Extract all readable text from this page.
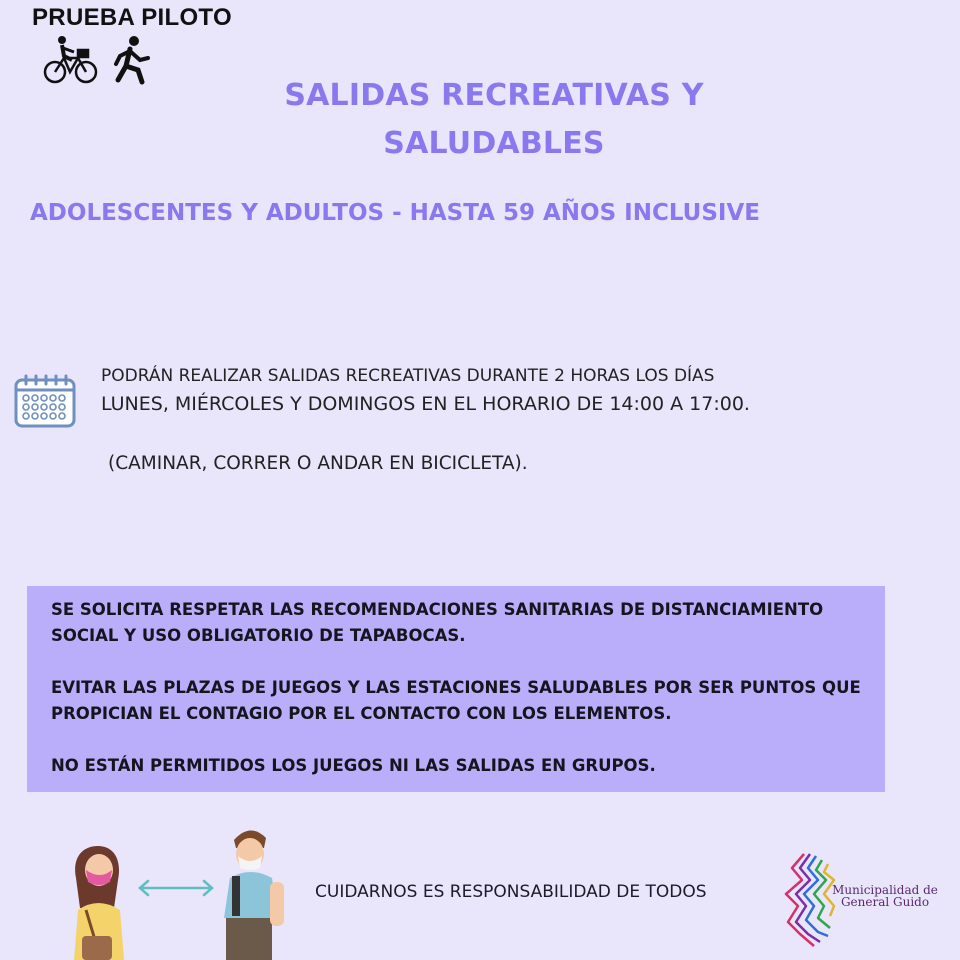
PRUEBA PILOTO
SALIDAS RECREATIVAS Y
SALUDABLES
ADOLESCENTES Y ADULTOS - HASTA 59 AÑOS INCLUSIVE
PODRÁN REALIZAR SALIDAS RECREATIVAS DURANTE 2 HORAS LOS DÍAS
LUNES, MIÉRCOLES Y DOMINGOS EN EL HORARIO DE 14:00 A 17:00.
(CAMINAR, CORRER O ANDAR EN BICICLETA).

SE SOLICITA RESPETAR LAS RECOMENDACIONES SANITARIAS DE DISTANCIAMIENTO
SOCIAL Y USO OBLIGATORIO DE TAPABOCAS.

EVITAR LAS PLAZAS DE JUEGOS Y LAS ESTACIONES SALUDABLES POR SER PUNTOS QUE
PROPICIAN EL CONTAGIO POR EL CONTACTO CON LOS ELEMENTOS.

NO ESTÁN PERMITIDOS LOS JUEGOS NI LAS SALIDAS EN GRUPOS.

CUIDARNOS ES RESPONSABILIDAD DE TODOS	Municipalidad de
General Guido
